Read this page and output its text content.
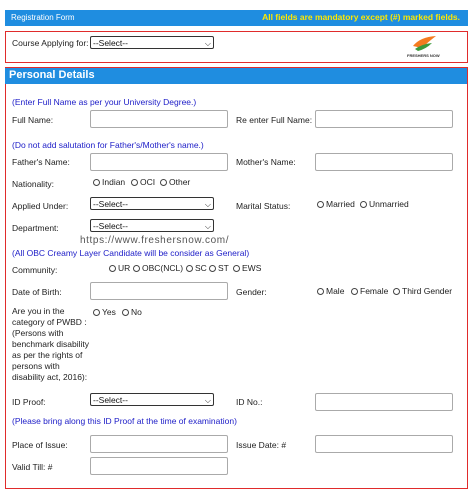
Registration Form	All fields are mandatory except (#) marked fields.
Course Applying for: --Select--	⌵
FRESHERS NOW
Personal Details
(Enter Full Name as per your University Degree.)
Full Name:	Re enter Full Name:
(Do not add salutation for Father's/Mother's name.)
Father's Name:	Mother's Name:
Nationality:	Indian	OCI	Other
Applied Under:	--Select--	⌵	Marital Status:	Married	Unmarried
Department:	--Select--	⌵
https://www.freshersnow.com/
(All OBC Creamy Layer Candidate will be consider as General)
Community:	UR	OBC(NCL)	SC	ST	EWS
Date of Birth:	Gender:	Male	Female	Third Gender
Are you in the category of PWBD : (Persons with benchmark disability as per the rights of persons with disability act, 2016):
Yes	No
ID Proof:	--Select--	⌵	ID No.:
(Please bring along this ID Proof at the time of examination)
Place of Issue:	Issue Date: #
Valid Till: #
